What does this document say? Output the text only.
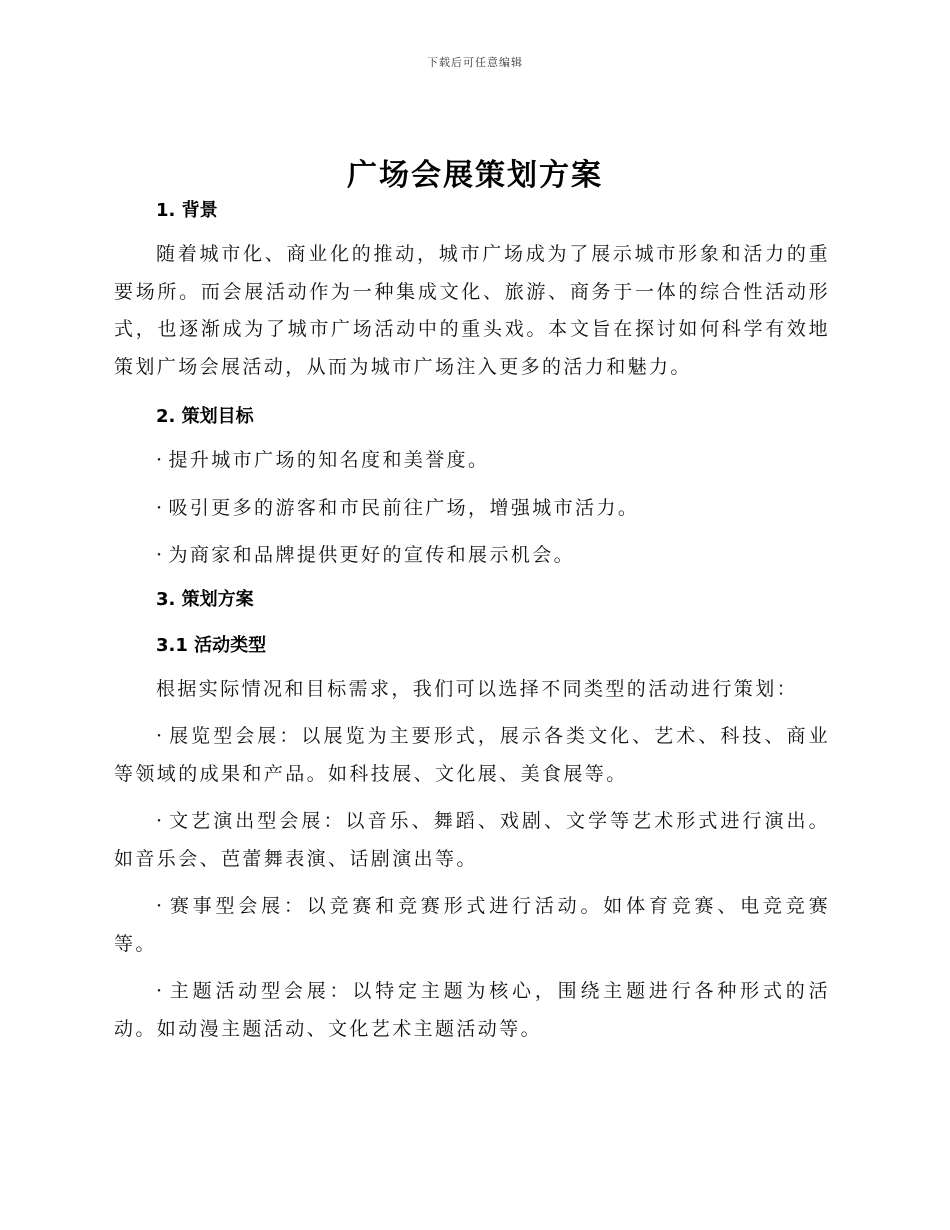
下载后可任意编辑
广场会展策划方案

1. 背景

随着城市化、商业化的推动，城市广场成为了展示城市形象和活力的重要场所。而会展活动作为一种集成文化、旅游、商务于一体的综合性活动形式，也逐渐成为了城市广场活动中的重头戏。本文旨在探讨如何科学有效地策划广场会展活动，从而为城市广场注入更多的活力和魅力。

2. 策划目标

· 提升城市广场的知名度和美誉度。

· 吸引更多的游客和市民前往广场，增强城市活力。

· 为商家和品牌提供更好的宣传和展示机会。

3. 策划方案

3.1 活动类型

根据实际情况和目标需求，我们可以选择不同类型的活动进行策划：

· 展览型会展：以展览为主要形式，展示各类文化、艺术、科技、商业等领域的成果和产品。如科技展、文化展、美食展等。

· 文艺演出型会展：以音乐、舞蹈、戏剧、文学等艺术形式进行演出。如音乐会、芭蕾舞表演、话剧演出等。

· 赛事型会展：以竞赛和竞赛形式进行活动。如体育竞赛、电竞竞赛等。

· 主题活动型会展：以特定主题为核心，围绕主题进行各种形式的活动。如动漫主题活动、文化艺术主题活动等。
